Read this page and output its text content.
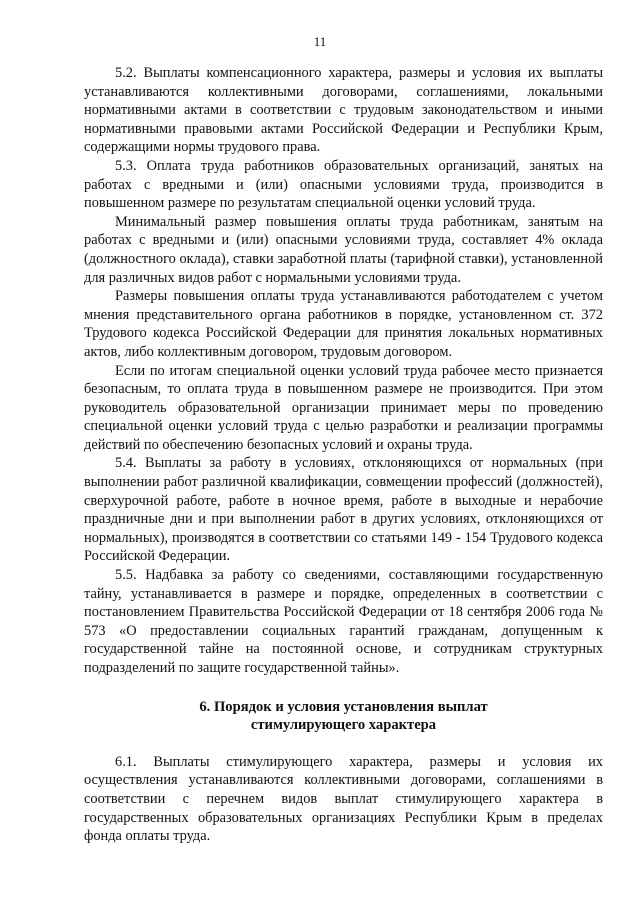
11

5.2. Выплаты компенсационного характера, размеры и условия их выплаты устанавливаются коллективными договорами, соглашениями, локальными нормативными актами в соответствии с трудовым законодательством и иными нормативными правовыми актами Российской Федерации и Республики Крым, содержащими нормы трудового права.

5.3. Оплата труда работников образовательных организаций, занятых на работах с вредными и (или) опасными условиями труда, производится в повышенном размере по результатам специальной оценки условий труда.

Минимальный размер повышения оплаты труда работникам, занятым на работах с вредными и (или) опасными условиями труда, составляет 4% оклада (должностного оклада), ставки заработной платы (тарифной ставки), установленной для различных видов работ с нормальными условиями труда.

Размеры повышения оплаты труда устанавливаются работодателем с учетом мнения представительного органа работников в порядке, установленном ст. 372 Трудового кодекса Российской Федерации для принятия локальных нормативных актов, либо коллективным договором, трудовым договором.

Если по итогам специальной оценки условий труда рабочее место признается безопасным, то оплата труда в повышенном размере не производится. При этом руководитель образовательной организации принимает меры по проведению специальной оценки условий труда с целью разработки и реализации программы действий по обеспечению безопасных условий и охраны труда.

5.4. Выплаты за работу в условиях, отклоняющихся от нормальных (при выполнении работ различной квалификации, совмещении профессий (должностей), сверхурочной работе, работе в ночное время, работе в выходные и нерабочие праздничные дни и при выполнении работ в других условиях, отклоняющихся от нормальных), производятся в соответствии со статьями 149 - 154 Трудового кодекса Российской Федерации.

5.5. Надбавка за работу со сведениями, составляющими государственную тайну, устанавливается в размере и порядке, определенных в соответствии с постановлением Правительства Российской Федерации от 18 сентября 2006 года № 573 «О предоставлении социальных гарантий гражданам, допущенным к государственной тайне на постоянной основе, и сотрудникам структурных подразделений по защите государственной тайны».

6. Порядок и условия установления выплат
стимулирующего характера

6.1. Выплаты стимулирующего характера, размеры и условия их осуществления устанавливаются коллективными договорами, соглашениями в соответствии с перечнем видов выплат стимулирующего характера в государственных образовательных организациях Республики Крым в пределах фонда оплаты труда.
